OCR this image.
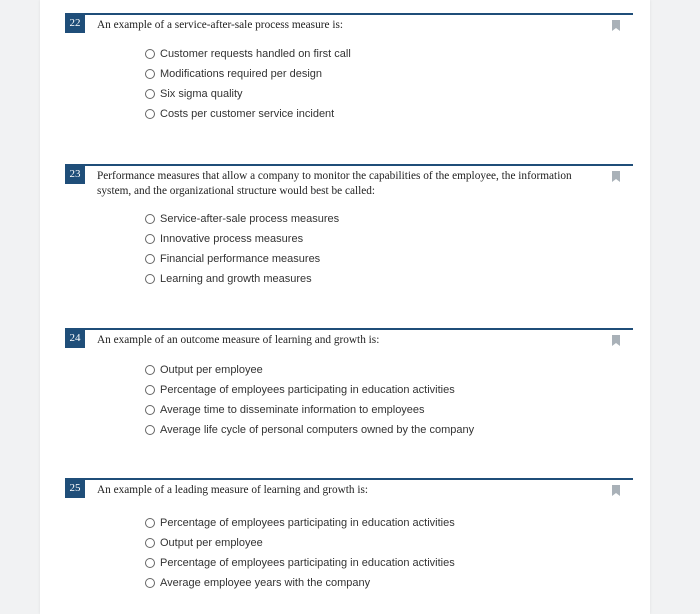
22	An example of a service-after-sale process measure is:
Customer requests handled on first call
Modifications required per design
Six sigma quality
Costs per customer service incident
23	Performance measures that allow a company to monitor the capabilities of the employee, the information system, and the organizational structure would best be called:
Service-after-sale process measures
Innovative process measures
Financial performance measures
Learning and growth measures
24	An example of an outcome measure of learning and growth is:
Output per employee
Percentage of employees participating in education activities
Average time to disseminate information to employees
Average life cycle of personal computers owned by the company
25	An example of a leading measure of learning and growth is:
Percentage of employees participating in education activities
Output per employee
Percentage of employees participating in education activities
Average employee years with the company
